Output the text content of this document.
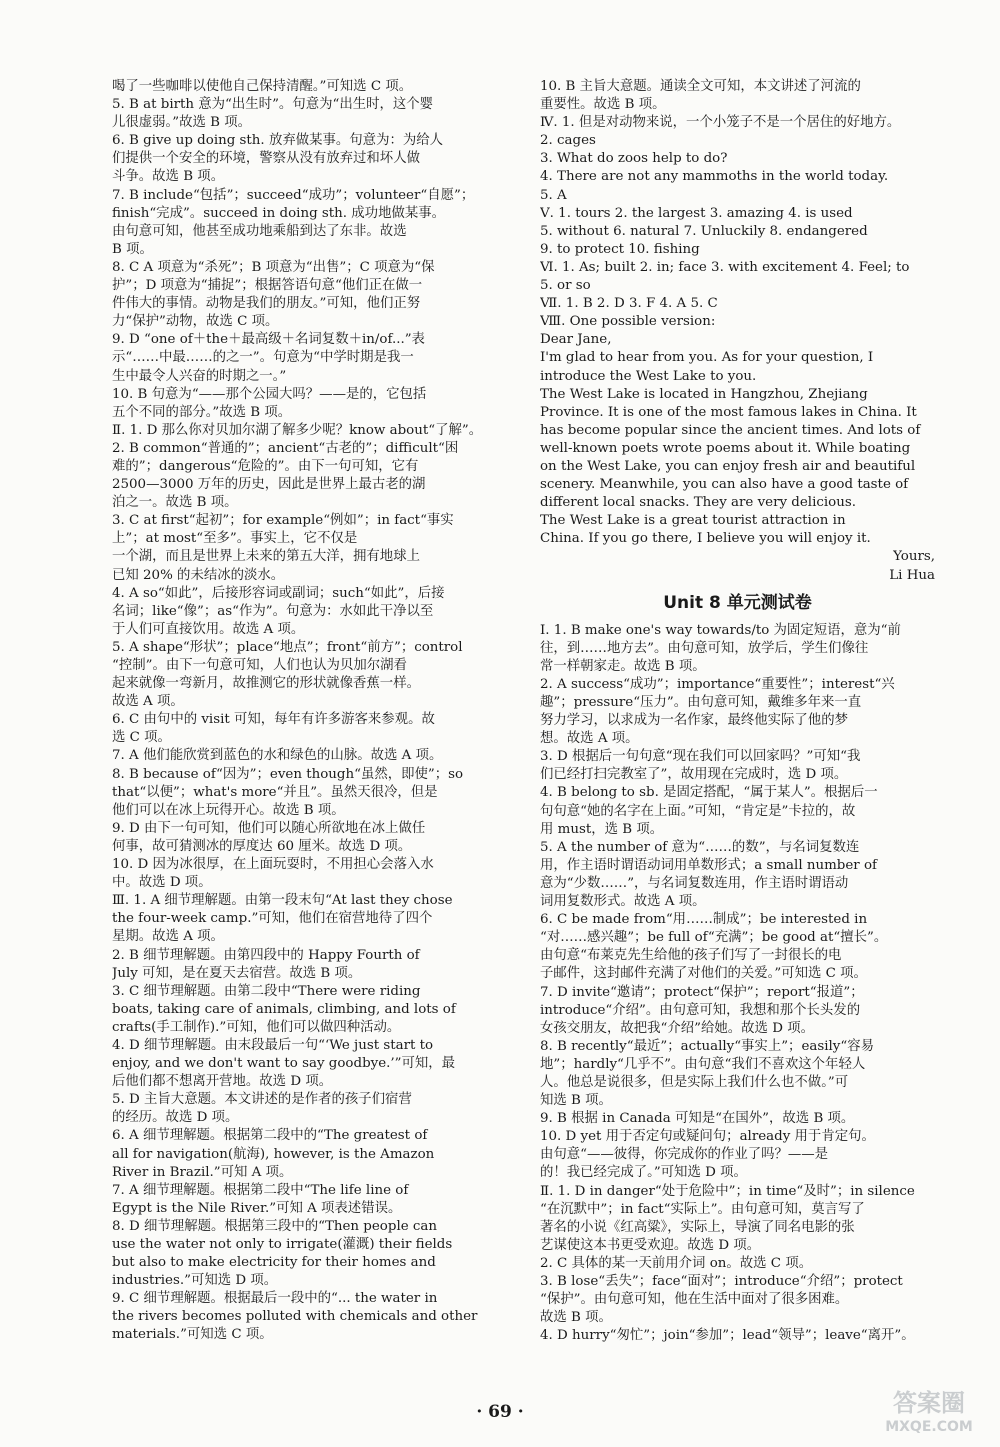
喝了一些咖啡以使他自己保持清醒。”可知选 C 项。
5. B at birth 意为“出生时”。句意为“出生时，这个婴
儿很虚弱。”故选 B 项。
6. B give up doing sth. 放弃做某事。句意为：为给人
们提供一个安全的环境，警察从没有放弃过和坏人做
斗争。故选 B 项。
7. B include“包括”；succeed“成功”；volunteer“自愿”；
finish“完成”。succeed in doing sth. 成功地做某事。
由句意可知，他甚至成功地乘船到达了东非。故选
B 项。
8. C A 项意为“杀死”；B 项意为“出售”；C 项意为“保
护”；D 项意为“捕捉”；根据答语句意“他们正在做一
件伟大的事情。动物是我们的朋友。”可知，他们正努
力“保护”动物，故选 C 项。
9. D “one of＋the＋最高级＋名词复数＋in/of...”表
示“……中最……的之一”。句意为“中学时期是我一
生中最令人兴奋的时期之一。”
10. B 句意为“——那个公园大吗？——是的，它包括
五个不同的部分。”故选 B 项。
Ⅱ. 1. D 那么你对贝加尔湖了解多少呢？know about“了解”。
2. B common“普通的”；ancient“古老的”；difficult“困
难的”；dangerous“危险的”。由下一句可知，它有
2500—3000 万年的历史，因此是世界上最古老的湖
泊之一。故选 B 项。
3. C at first“起初”；for example“例如”；in fact“事实
上”；at most“至多”。事实上，它不仅是
一个湖，而且是世界上未来的第五大洋，拥有地球上
已知 20% 的未结冰的淡水。
4. A so“如此”，后接形容词或副词；such“如此”，后接
名词；like“像”；as“作为”。句意为：水如此干净以至
于人们可直接饮用。故选 A 项。
5. A shape“形状”；place“地点”；front“前方”；control
“控制”。由下一句意可知，人们也认为贝加尔湖看
起来就像一弯新月，故推测它的形状就像香蕉一样。
故选 A 项。
6. C 由句中的 visit 可知，每年有许多游客来参观。故
选 C 项。
7. A 他们能欣赏到蓝色的水和绿色的山脉。故选 A 项。
8. B because of“因为”；even though“虽然，即使”；so
that“以便”；what's more“并且”。虽然天很冷，但是
他们可以在冰上玩得开心。故选 B 项。
9. D 由下一句可知，他们可以随心所欲地在冰上做任
何事，故可猜测冰的厚度达 60 厘米。故选 D 项。
10. D 因为冰很厚，在上面玩耍时，不用担心会落入水
中。故选 D 项。
Ⅲ. 1. A 细节理解题。由第一段末句“At last they chose
the four-week camp.”可知，他们在宿营地待了四个
星期。故选 A 项。
2. B 细节理解题。由第四段中的 Happy Fourth of
July 可知，是在夏天去宿营。故选 B 项。
3. C 细节理解题。由第二段中“There were riding
boats, taking care of animals, climbing, and lots of
crafts(手工制作).”可知，他们可以做四种活动。
4. D 细节理解题。由末段最后一句“‘We just start to
enjoy, and we don't want to say goodbye.’”可知，最
后他们都不想离开营地。故选 D 项。
5. D 主旨大意题。本文讲述的是作者的孩子们宿营
的经历。故选 D 项。
6. A 细节理解题。根据第二段中的“The greatest of
all for navigation(航海), however, is the Amazon
River in Brazil.”可知 A 项。
7. A 细节理解题。根据第二段中“The life line of
Egypt is the Nile River.”可知 A 项表述错误。
8. D 细节理解题。根据第三段中的“Then people can
use the water not only to irrigate(灌溉) their fields
but also to make electricity for their homes and
industries.”可知选 D 项。
9. C 细节理解题。根据最后一段中的“... the water in
the rivers becomes polluted with chemicals and other
materials.”可知选 C 项。
10. B 主旨大意题。通读全文可知，本文讲述了河流的
重要性。故选 B 项。
Ⅳ. 1. 但是对动物来说，一个小笼子不是一个居住的好地方。
2. cages
3. What do zoos help to do?
4. There are not any mammoths in the world today.
5. A
Ⅴ. 1. tours 2. the largest 3. amazing 4. is used
5. without 6. natural 7. Unluckily 8. endangered
9. to protect 10. fishing
Ⅵ. 1. As; built 2. in; face 3. with excitement 4. Feel; to
5. or so
Ⅶ. 1. B 2. D 3. F 4. A 5. C
Ⅷ. One possible version:
Dear Jane,
I'm glad to hear from you. As for your question, I
introduce the West Lake to you.
The West Lake is located in Hangzhou, Zhejiang
Province. It is one of the most famous lakes in China. It
has become popular since the ancient times. And lots of
well-known poets wrote poems about it. While boating
on the West Lake, you can enjoy fresh air and beautiful
scenery. Meanwhile, you can also have a good taste of
different local snacks. They are very delicious.
The West Lake is a great tourist attraction in
China. If you go there, I believe you will enjoy it.
Yours,
Li Hua
Unit 8 单元测试卷
Ⅰ. 1. B make one's way towards/to 为固定短语，意为“前
往，到……地方去”。由句意可知，放学后，学生们像往
常一样朝家走。故选 B 项。
2. A success“成功”；importance“重要性”；interest“兴
趣”；pressure“压力”。由句意可知，戴维多年来一直
努力学习，以求成为一名作家，最终他实际了他的梦
想。故选 A 项。
3. D 根据后一句句意“现在我们可以回家吗？”可知“我
们已经打扫完教室了”，故用现在完成时，选 D 项。
4. B belong to sb. 是固定搭配，“属于某人”。根据后一
句句意“她的名字在上面。”可知，“肯定是”卡拉的，故
用 must，选 B 项。
5. A the number of 意为“……的数”，与名词复数连
用，作主语时谓语动词用单数形式；a small number of
意为“少数……”，与名词复数连用，作主语时谓语动
词用复数形式。故选 A 项。
6. C be made from“用……制成”；be interested in
“对……感兴趣”；be full of“充满”；be good at“擅长”。
由句意“布莱克先生给他的孩子们写了一封很长的电
子邮件，这封邮件充满了对他们的关爱。”可知选 C 项。
7. D invite“邀请”；protect“保护”；report“报道”；
introduce“介绍”。由句意可知，我想和那个长头发的
女孩交朋友，故把我“介绍”给她。故选 D 项。
8. B recently“最近”；actually“事实上”；easily“容易
地”；hardly“几乎不”。由句意“我们不喜欢这个年轻人
人。他总是说很多，但是实际上我们什么也不做。”可
知选 B 项。
9. B 根据 in Canada 可知是“在国外”，故选 B 项。
10. D yet 用于否定句或疑问句；already 用于肯定句。
由句意“——彼得，你完成你的作业了吗？——是
的！我已经完成了。”可知选 D 项。
Ⅱ. 1. D in danger“处于危险中”；in time“及时”；in silence
“在沉默中”；in fact“实际上”。由句意可知，莫言写了
著名的小说《红高粱》，实际上，导演了同名电影的张
艺谋使这本书更受欢迎。故选 D 项。
2. C 具体的某一天前用介词 on。故选 C 项。
3. B lose“丢失”；face“面对”；introduce“介绍”；protect
“保护”。由句意可知，他在生活中面对了很多困难。
故选 B 项。
4. D hurry“匆忙”；join“参加”；lead“领导”；leave“离开”。
· 69 ·	答案圈
MXQE.COM
